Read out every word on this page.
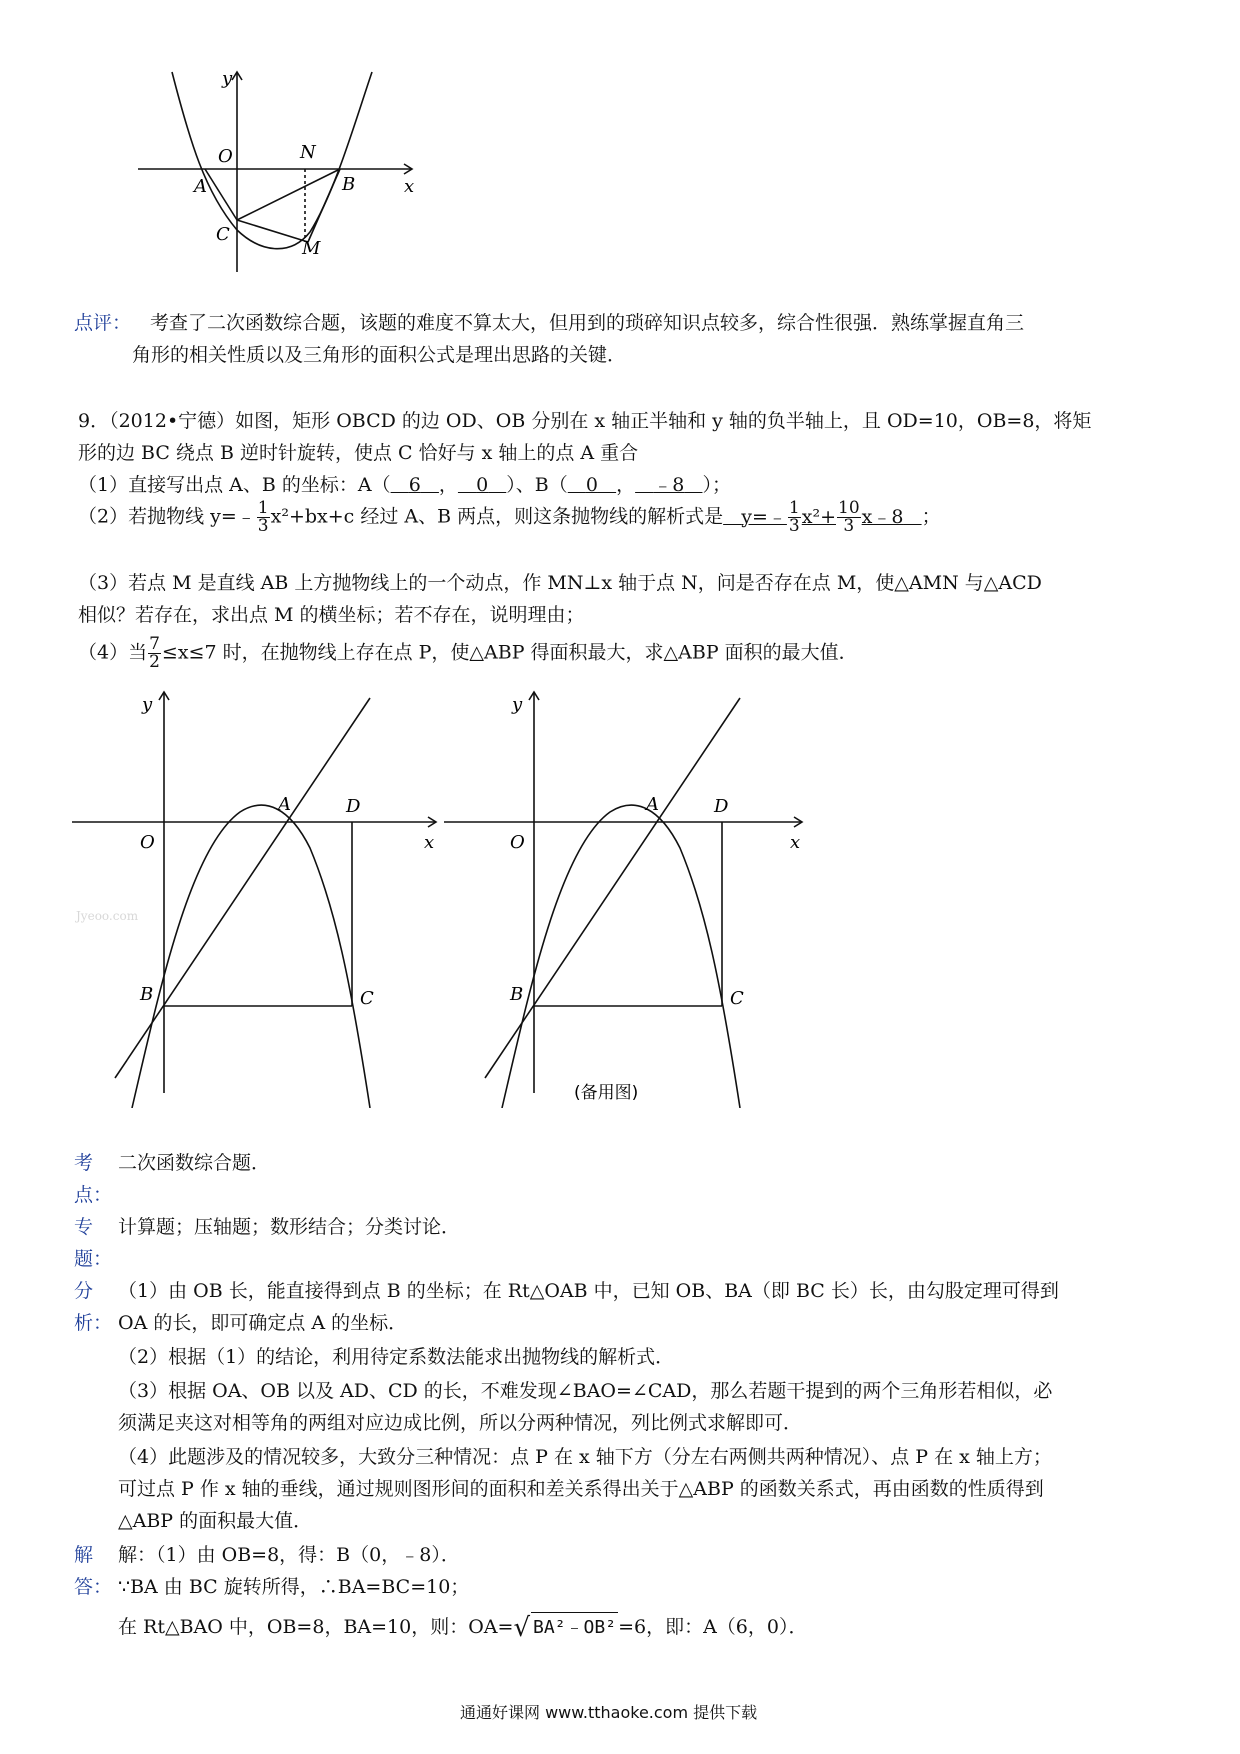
y
x
O	N
A	B
C
M
点评： 考查了二次函数综合题，该题的难度不算太大，但用到的琐碎知识点较多，综合性很强．熟练掌握直角三
角形的相关性质以及三角形的面积公式是理出思路的关键．
9．（2012•宁德）如图，矩形 OBCD 的边 OD、OB 分别在 x 轴正半轴和 y 轴的负半轴上，且 OD=10，OB=8，将矩
形的边 BC 绕点 B 逆时针旋转，使点 C 恰好与 x 轴上的点 A 重合
（1）直接写出点 A、B 的坐标：A（ 6 ， 0 ）、B（ 0 ， ﹣8 ）；
（2）若抛物线 y=﹣ $\frac{1}{3} x^2+bx+c$ 经过 A、B 两点，则这条抛物线的解析式是 y=﹣ $\frac{1}{3} x^2+ \frac{10}{3}$ x﹣8 ；
（3）若点 M 是直线 AB 上方抛物线上的一个动点，作 MN⊥x 轴于点 N，问是否存在点 M，使△AMN 与△ACD
相似？若存在，求出点 M 的横坐标；若不存在，说明理由；
（4）当 $\frac{7}{2} \le x\le 7$ 时，在抛物线上存在点 P，使△ABP 得面积最大，求△ABP 面积的最大值．
y
x
O
A	D
B	C
Jyeoo.com
y
x
O
A	D
B	C
(备用图)
考
点：
二次函数综合题．
专
题：
计算题；压轴题；数形结合；分类讨论．
分
析：
（1）由 OB 长，能直接得到点 B 的坐标；在 Rt△OAB 中，已知 OB、BA（即 BC 长）长，由勾股定理可得到
OA 的长，即可确定点 A 的坐标．
（2）根据（1）的结论，利用待定系数法能求出抛物线的解析式．
（3）根据 OA、OB 以及 AD、CD 的长，不难发现∠BAO=∠CAD，那么若题干提到的两个三角形若相似，必
须满足夹这对相等角的两组对应边成比例，所以分两种情况，列比例式求解即可．
（4）此题涉及的情况较多，大致分三种情况：点 P 在 x 轴下方（分左右两侧共两种情况）、点 P 在 x 轴上方；
可过点 P 作 x 轴的垂线，通过规则图形间的面积和差关系得出关于△ABP 的函数关系式，再由函数的性质得到
△ABP 的面积最大值．
解
答：
解：（1）由 OB=8，得：B（0，﹣8）．
∵BA 由 BC 旋转所得，∴BA=BC=10；
在 Rt△BAO 中，OB=8，BA=10，则：OA=√ BA²﹣OB² =6，即：A（6，0）．
通通好课网 www.tthaoke.com 提供下载
